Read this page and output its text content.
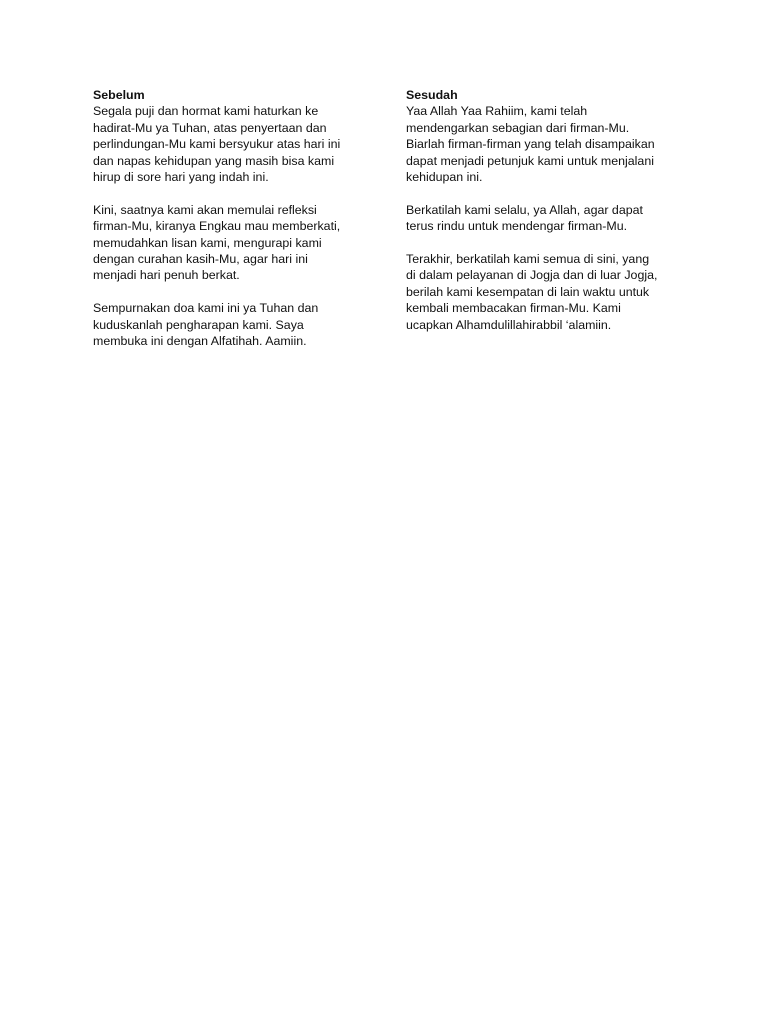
Sebelum

Segala puji dan hormat kami haturkan ke
hadirat-Mu ya Tuhan, atas penyertaan dan
perlindungan-Mu kami bersyukur atas hari ini
dan napas kehidupan yang masih bisa kami
hirup di sore hari yang indah ini.

Kini, saatnya kami akan memulai refleksi
firman-Mu, kiranya Engkau mau memberkati,
memudahkan lisan kami, mengurapi kami
dengan curahan kasih-Mu, agar hari ini
menjadi hari penuh berkat.

Sempurnakan doa kami ini ya Tuhan dan
kuduskanlah pengharapan kami. Saya
membuka ini dengan Alfatihah. Aamiin.

Sesudah

Yaa Allah Yaa Rahiim, kami telah
mendengarkan sebagian dari firman-Mu.
Biarlah firman-firman yang telah disampaikan
dapat menjadi petunjuk kami untuk menjalani
kehidupan ini.

Berkatilah kami selalu, ya Allah, agar dapat
terus rindu untuk mendengar firman-Mu.

Terakhir, berkatilah kami semua di sini, yang
di dalam pelayanan di Jogja dan di luar Jogja,
berilah kami kesempatan di lain waktu untuk
kembali membacakan firman-Mu. Kami
ucapkan Alhamdulillahirabbil ‘alamiin.
